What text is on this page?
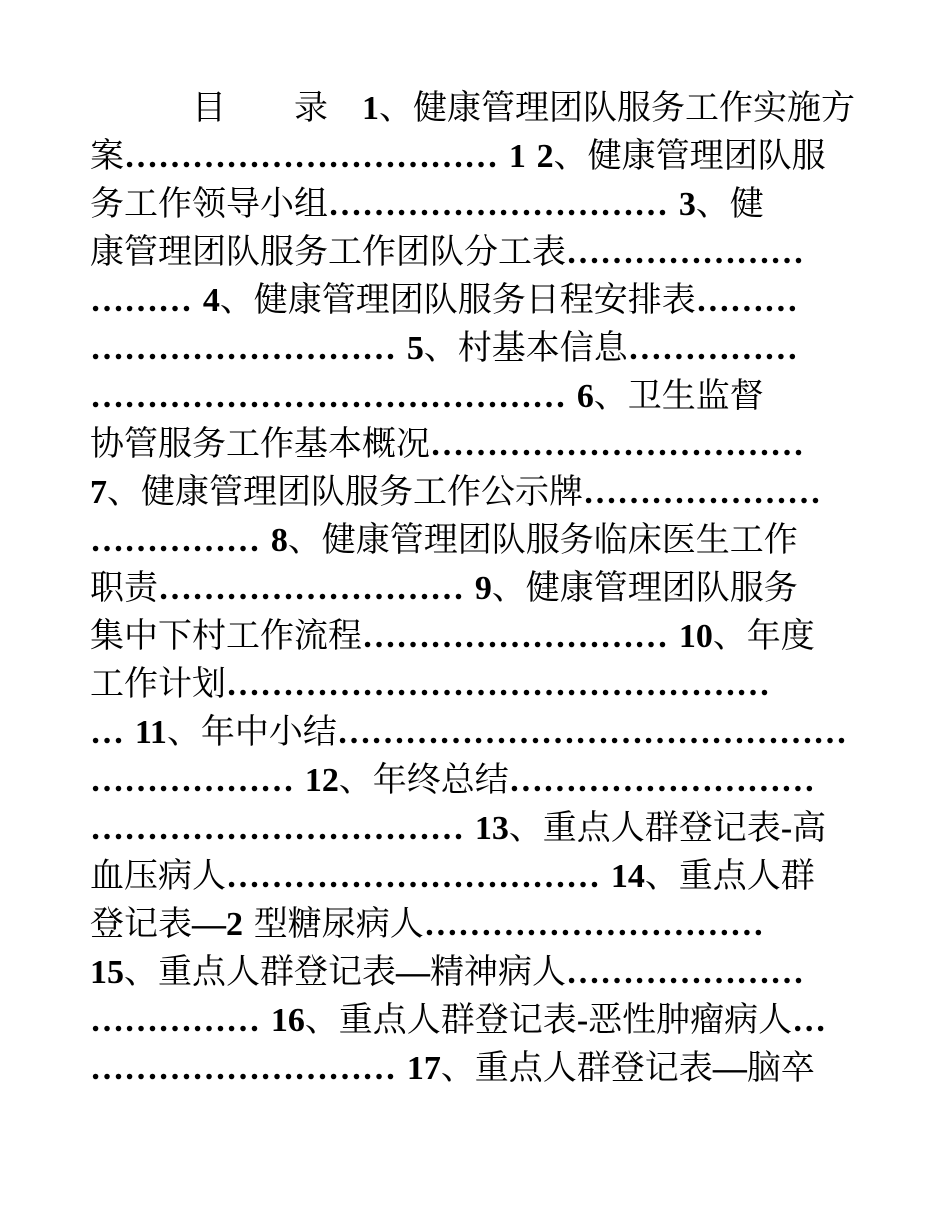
　　　目　　录　1、健康管理团队服务工作实施方
案…………………………… 1 2、健康管理团队服
务工作领导小组………………………… 3、健
康管理团队服务工作团队分工表…………………
……… 4、健康管理团队服务日程安排表………
……………………… 5、村基本信息……………
…………………………………… 6、卫生监督
协管服务工作基本概况……………………………
7、健康管理团队服务工作公示牌…………………
…………… 8、健康管理团队服务临床医生工作
职责……………………… 9、健康管理团队服务
集中下村工作流程……………………… 10、年度
工作计划…………………………………………
… 11、年中小结………………………………………
……………… 12、年终总结………………………
…………………………… 13、重点人群登记表-高
血压病人…………………………… 14、重点人群
登记表—2 型糖尿病人…………………………
15、重点人群登记表—精神病人…………………
…………… 16、重点人群登记表-恶性肿瘤病人…
……………………… 17、重点人群登记表—脑卒
